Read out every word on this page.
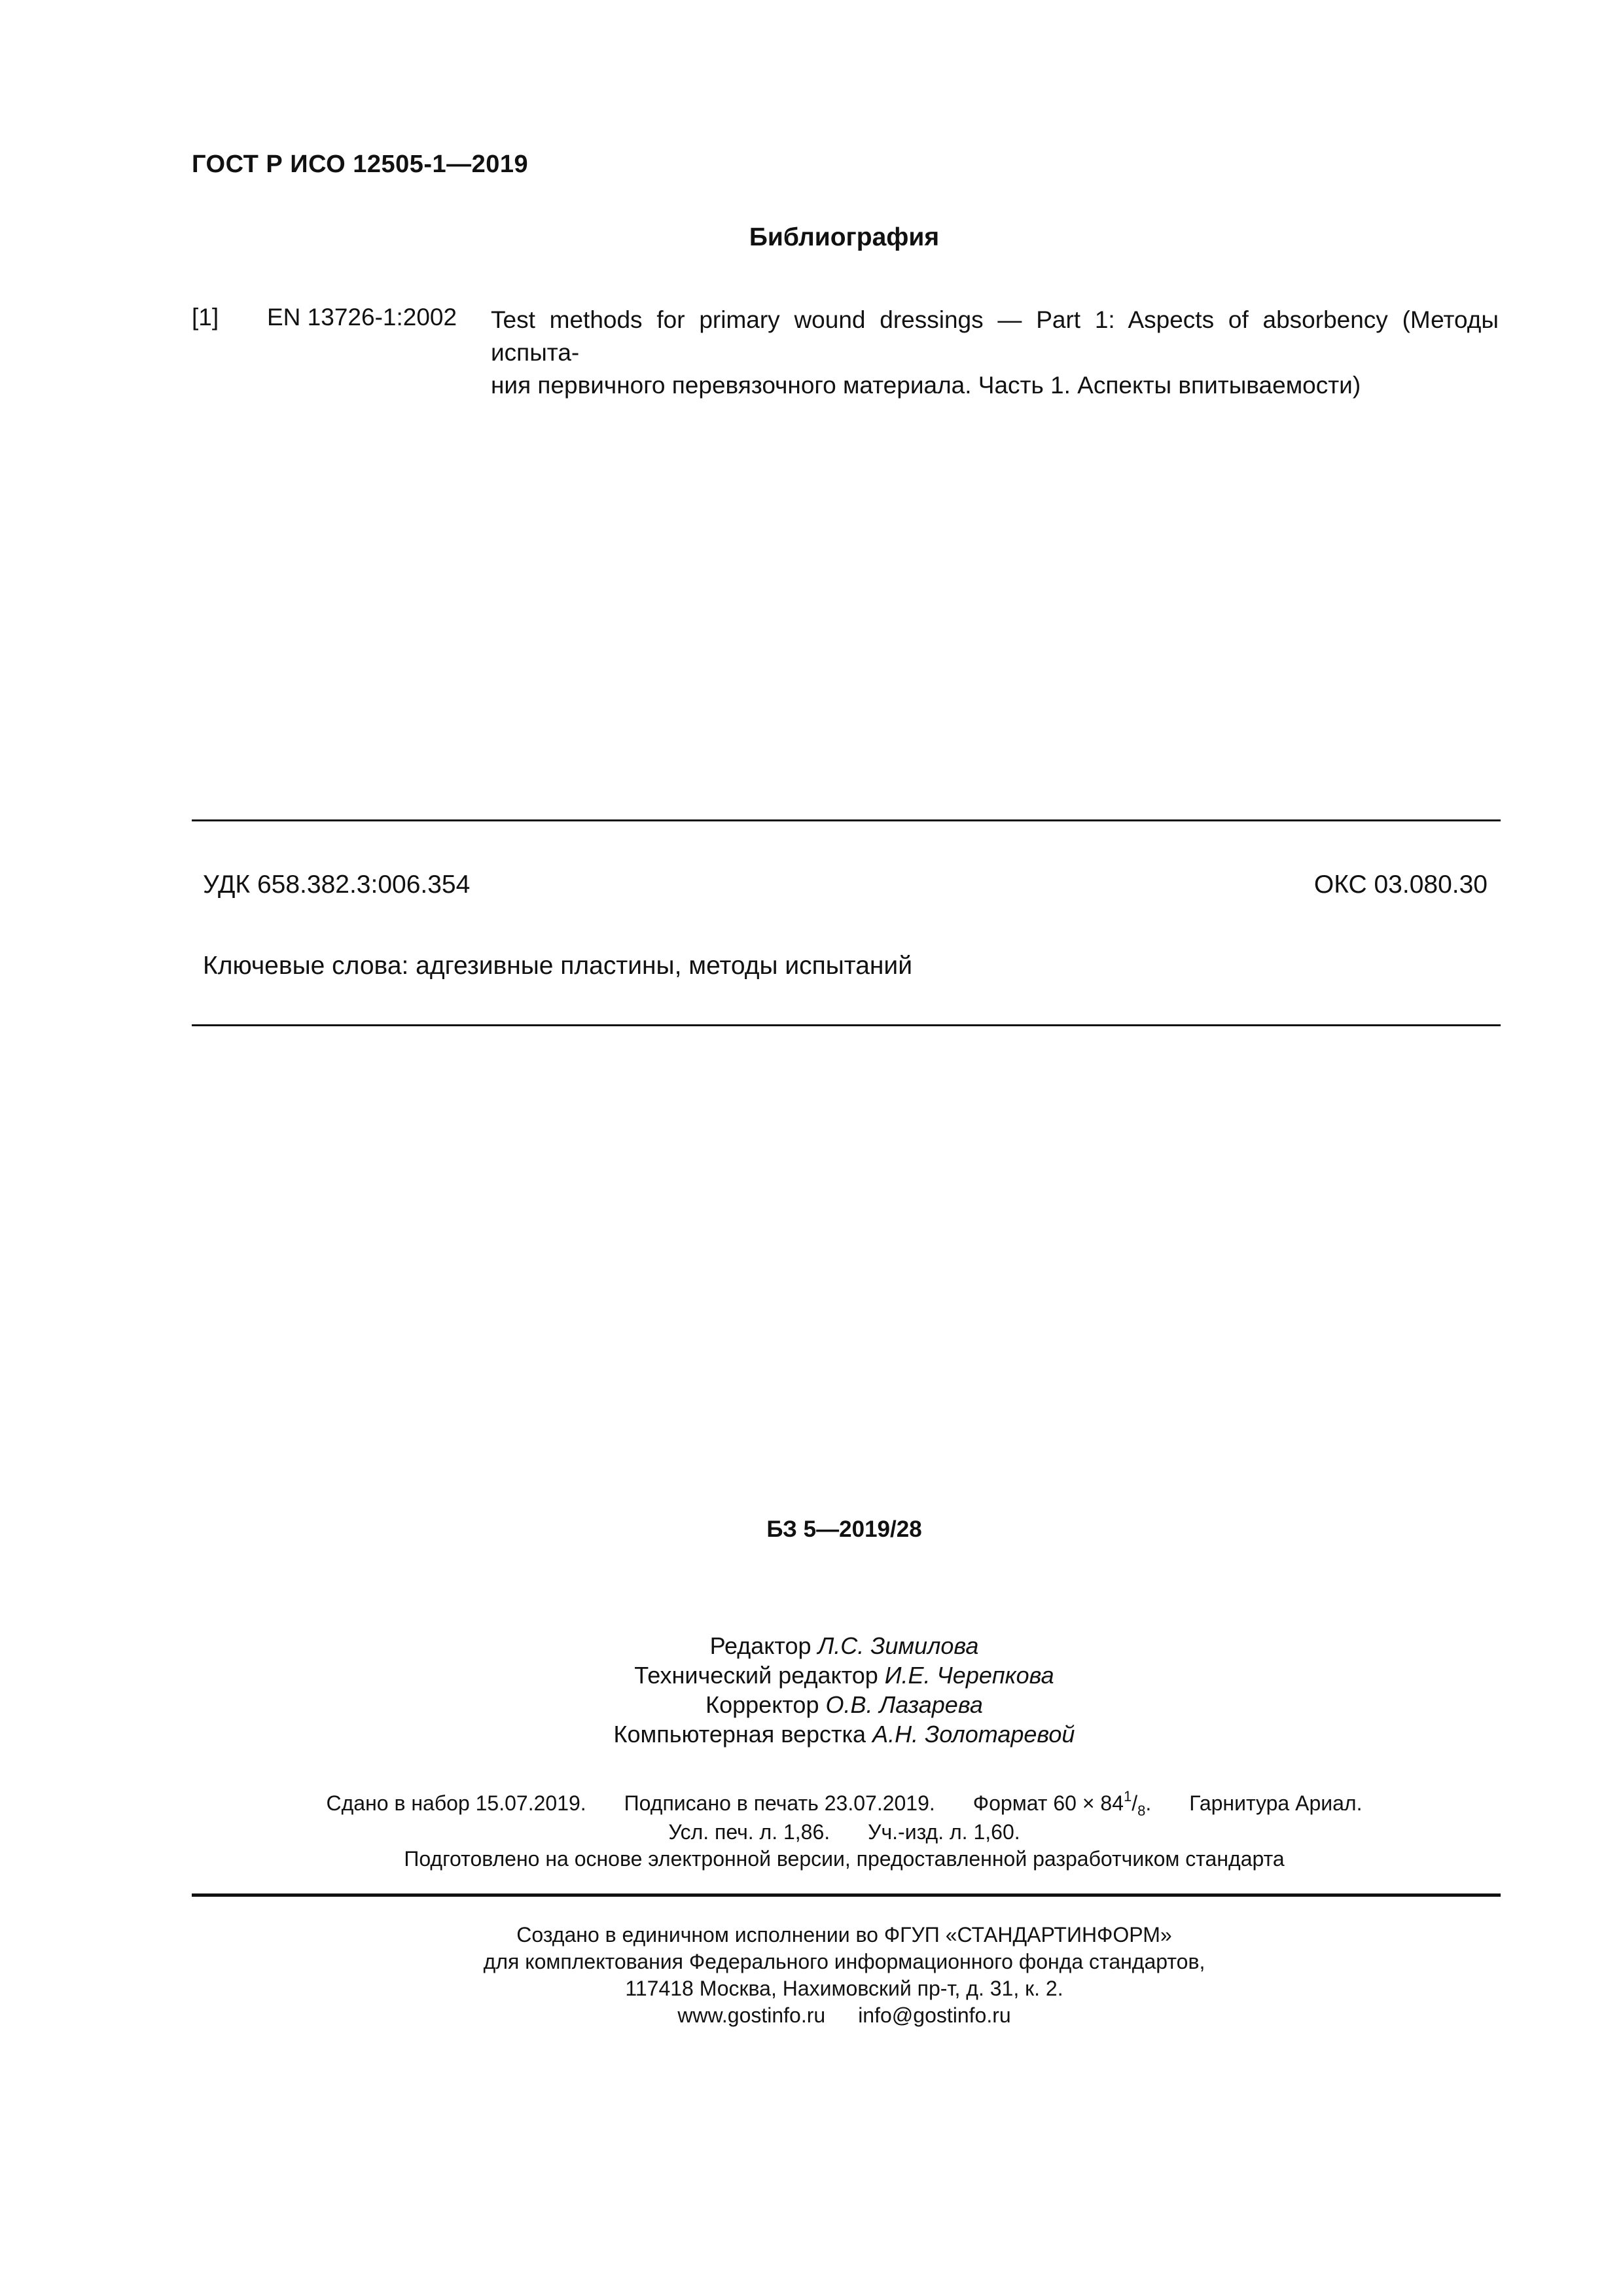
ГОСТ Р ИСО 12505-1—2019
Библиография
[1] EN 13726-1:2002 Test methods for primary wound dressings — Part 1: Aspects of absorbency (Методы испыта-
ния первичного перевязочного материала. Часть 1. Аспекты впитываемости)
УДК 658.382.3:006.354	ОКС 03.080.30
Ключевые слова: адгезивные пластины, методы испытаний
БЗ 5—2019/28
Редактор Л.С. Зимилова
Технический редактор И.Е. Черепкова
Корректор О.В. Лазарева
Компьютерная верстка А.Н. Золотаревой
Сдано в набор 15.07.2019. Подписано в печать 23.07.2019. Формат $60 \times 84^1/_8$. Гарнитура Ариал.
Усл. печ. л. 1,86. Уч.-изд. л. 1,60.
Подготовлено на основе электронной версии, предоставленной разработчиком стандарта
Создано в единичном исполнении во ФГУП «СТАНДАРТИНФОРМ»
для комплектования Федерального информационного фонда стандартов,
117418 Москва, Нахимовский пр-т, д. 31, к. 2.
www.gostinfo.ru info@gostinfo.ru
